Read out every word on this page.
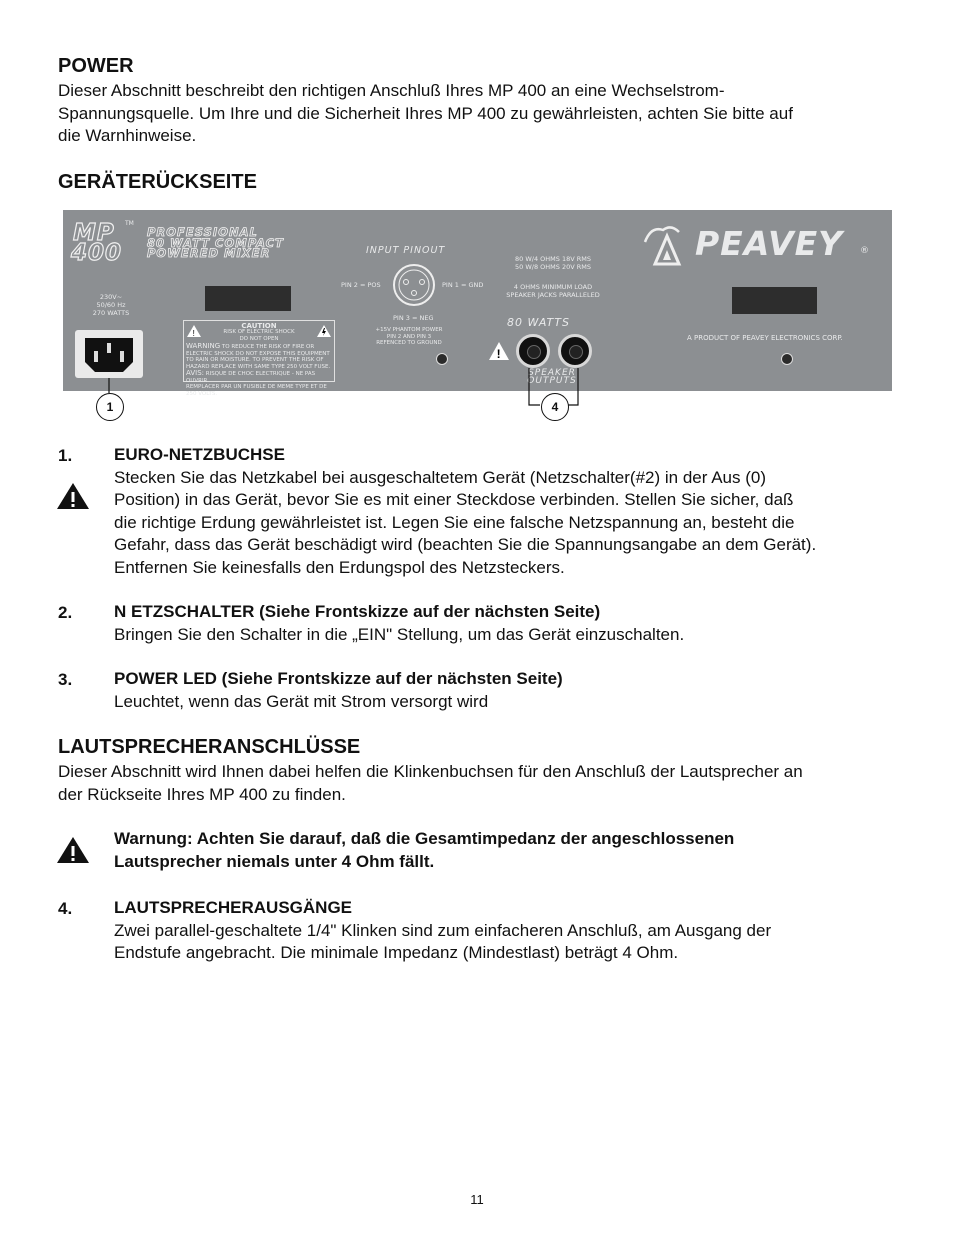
POWER
Dieser Abschnitt beschreibt den richtigen Anschluß Ihres MP 400 an eine Wechselstrom-
Spannungsquelle. Um Ihre und die Sicherheit Ihres MP 400 zu gewährleisten, achten Sie bitte auf
die Warnhinweise.
GERÄTERÜCKSEITE
MP TM
400
PROFESSIONAL
80 WATT COMPACT
POWERED MIXER
230V~
50/60 Hz
270 WATTS
!
CAUTION
RISK OF ELECTRIC SHOCK
DO NOT OPEN
WARNING TO REDUCE THE RISK OF FIRE OR
ELECTRIC SHOCK DO NOT EXPOSE THIS EQUIPMENT
TO RAIN OR MOISTURE. TO PREVENT THE RISK OF
HAZARD REPLACE WITH SAME TYPE 250 VOLT FUSE.
AVIS: RISQUE DE CHOC ELECTRIQUE - NE PAS OUVRIR
REMPLACER PAR UN FUSIBLE DE MEME TYPE ET DE 250 VOLTS.
INPUT PINOUT
PIN 2 = POS	PIN 1 = GND
PIN 3 = NEG
+15V PHANTOM POWER
PIN 2 AND PIN 3
REFENCED TO GROUND
80 W/4 OHMS 18V RMS
50 W/8 OHMS 20V RMS
4 OHMS MINIMUM LOAD
SPEAKER JACKS PARALLELED
80 WATTS
!
SPEAKER
OUTPUTS
PEAVEY ®
A PRODUCT OF PEAVEY ELECTRONICS CORP.
1	4
1. EURO-NETZBUCHSE
Stecken Sie das Netzkabel bei ausgeschaltetem Gerät (Netzschalter(#2) in der Aus (0)
Position) in das Gerät, bevor Sie es mit einer Steckdose verbinden. Stellen Sie sicher, daß
die richtige Erdung gewährleistet ist. Legen Sie eine falsche Netzspannung an, besteht die
Gefahr, dass das Gerät beschädigt wird (beachten Sie die Spannungsangabe an dem Gerät).
Entfernen Sie keinesfalls den Erdungspol des Netzsteckers.
2. N ETZSCHALTER (Siehe Frontskizze auf der nächsten Seite)
Bringen Sie den Schalter in die „EIN" Stellung, um das Gerät einzuschalten.
3. POWER LED (Siehe Frontskizze auf der nächsten Seite)
Leuchtet, wenn das Gerät mit Strom versorgt wird
LAUTSPRECHERANSCHLÜSSE
Dieser Abschnitt wird Ihnen dabei helfen die Klinkenbuchsen für den Anschluß der Lautsprecher an
der Rückseite Ihres MP 400 zu finden.
Warnung: Achten Sie darauf, daß die Gesamtimpedanz der angeschlossenen
Lautsprecher niemals unter 4 Ohm fällt.
4. LAUTSPRECHERAUSGÄNGE
Zwei parallel-geschaltete 1/4" Klinken sind zum einfacheren Anschluß, am Ausgang der
Endstufe angebracht. Die minimale Impedanz (Mindestlast) beträgt 4 Ohm.
11
